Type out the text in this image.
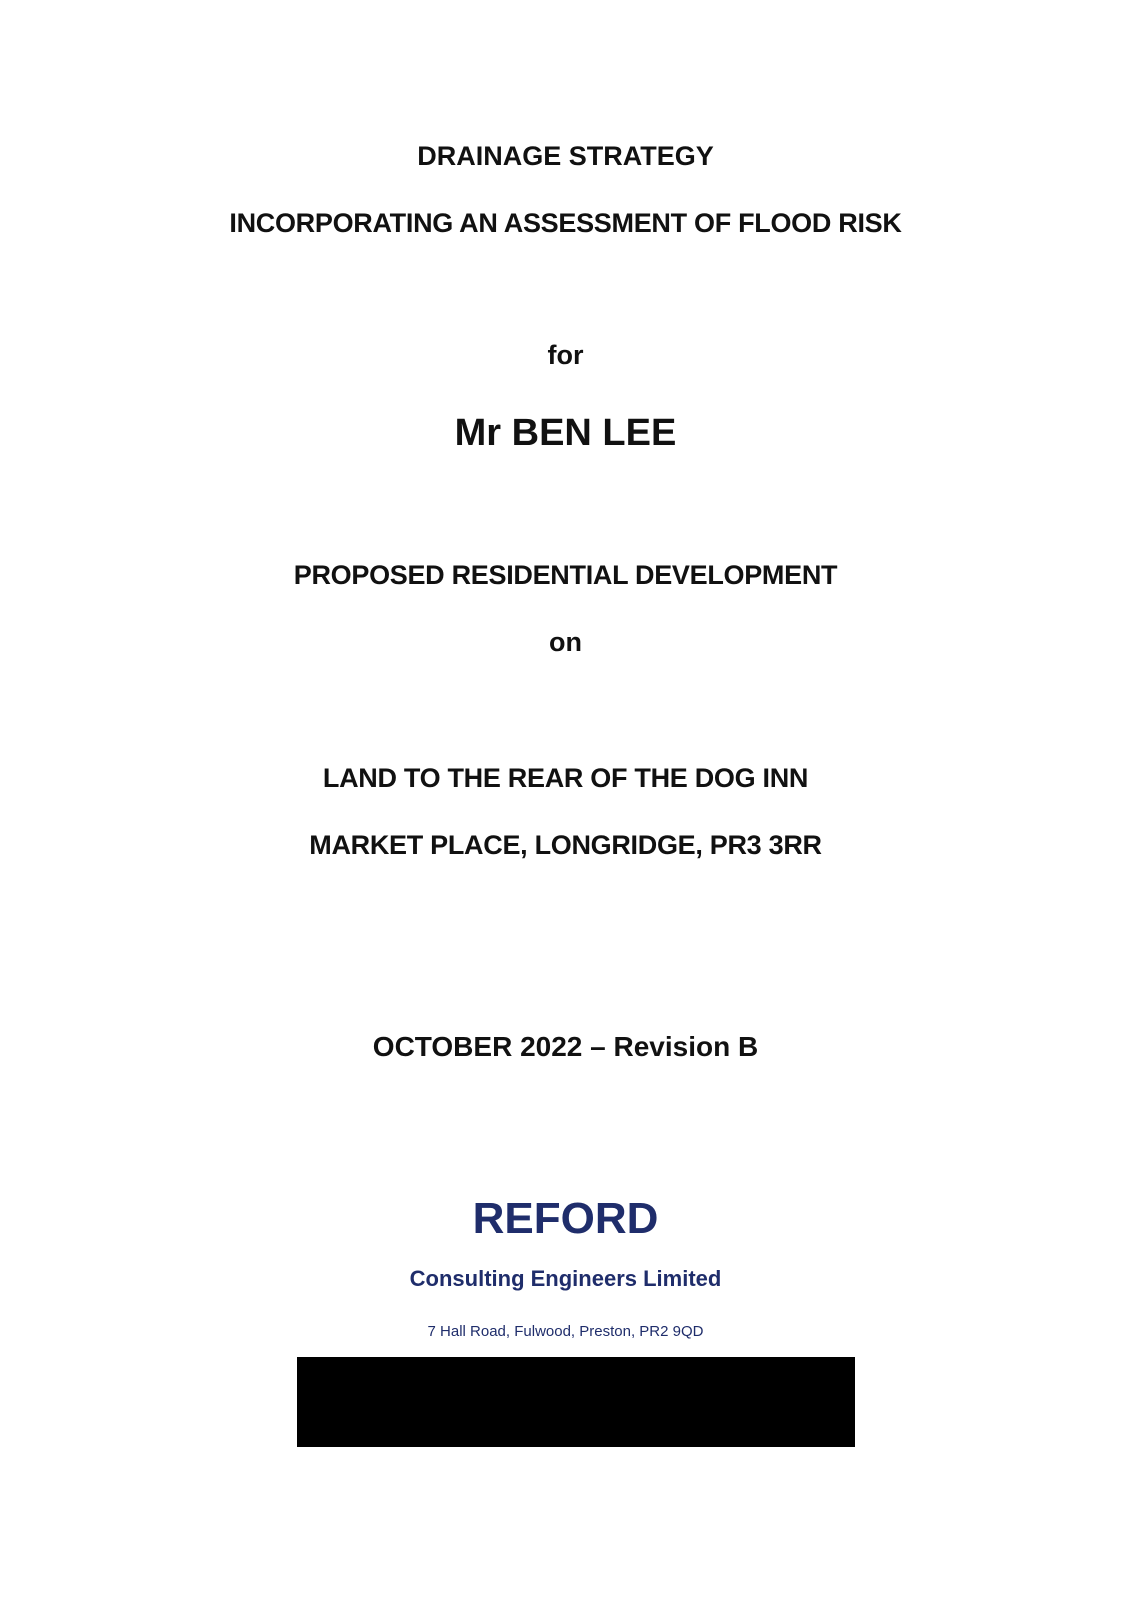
DRAINAGE STRATEGY
INCORPORATING AN ASSESSMENT OF FLOOD RISK
for
Mr BEN LEE
PROPOSED RESIDENTIAL DEVELOPMENT
on
LAND TO THE REAR OF THE DOG INN
MARKET PLACE, LONGRIDGE, PR3 3RR
OCTOBER 2022 – Revision B
REFORD
Consulting Engineers Limited
7 Hall Road, Fulwood, Preston, PR2 9QD
